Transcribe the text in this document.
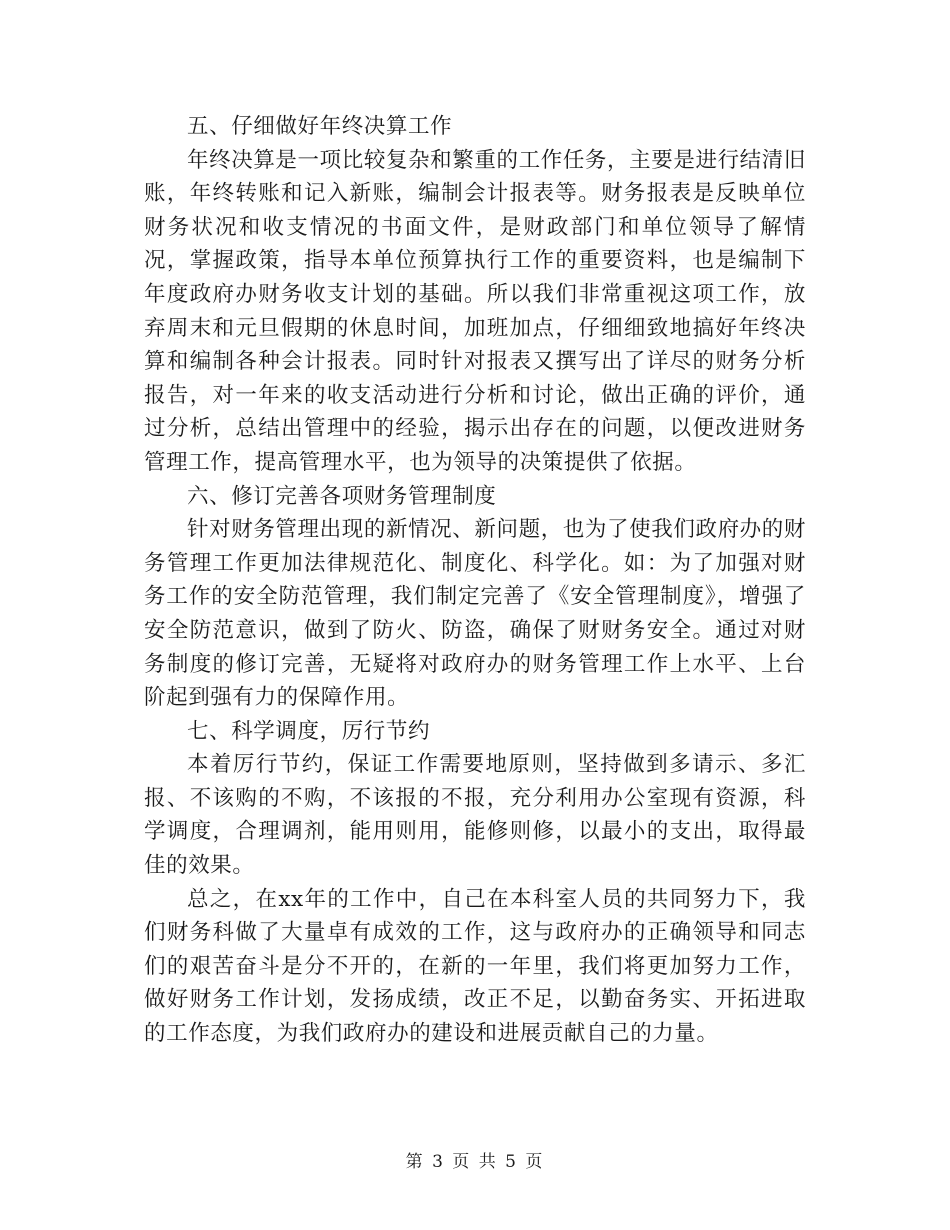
五、仔细做好年终决算工作

年终决算是一项比较复杂和繁重的工作任务，主要是进行结清旧账，年终转账和记入新账，编制会计报表等。财务报表是反映单位财务状况和收支情况的书面文件，是财政部门和单位领导了解情况，掌握政策，指导本单位预算执行工作的重要资料，也是编制下年度政府办财务收支计划的基础。所以我们非常重视这项工作，放弃周末和元旦假期的休息时间，加班加点，仔细细致地搞好年终决算和编制各种会计报表。同时针对报表又撰写出了详尽的财务分析报告，对一年来的收支活动进行分析和讨论，做出正确的评价，通过分析，总结出管理中的经验，揭示出存在的问题，以便改进财务管理工作，提高管理水平，也为领导的决策提供了依据。

六、修订完善各项财务管理制度

针对财务管理出现的新情况、新问题，也为了使我们政府办的财务管理工作更加法律规范化、制度化、科学化。如：为了加强对财务工作的安全防范管理，我们制定完善了《安全管理制度》，增强了安全防范意识，做到了防火、防盗，确保了财财务安全。通过对财务制度的修订完善，无疑将对政府办的财务管理工作上水平、上台阶起到强有力的保障作用。

七、科学调度，厉行节约

本着厉行节约，保证工作需要地原则，坚持做到多请示、多汇报、不该购的不购，不该报的不报，充分利用办公室现有资源，科学调度，合理调剂，能用则用，能修则修，以最小的支出，取得最佳的效果。

总之，在xx年的工作中，自己在本科室人员的共同努力下，我们财务科做了大量卓有成效的工作，这与政府办的正确领导和同志们的艰苦奋斗是分不开的，在新的一年里，我们将更加努力工作，做好财务工作计划，发扬成绩，改正不足，以勤奋务实、开拓进取的工作态度，为我们政府办的建设和进展贡献自己的力量。

第 3 页 共 5 页
